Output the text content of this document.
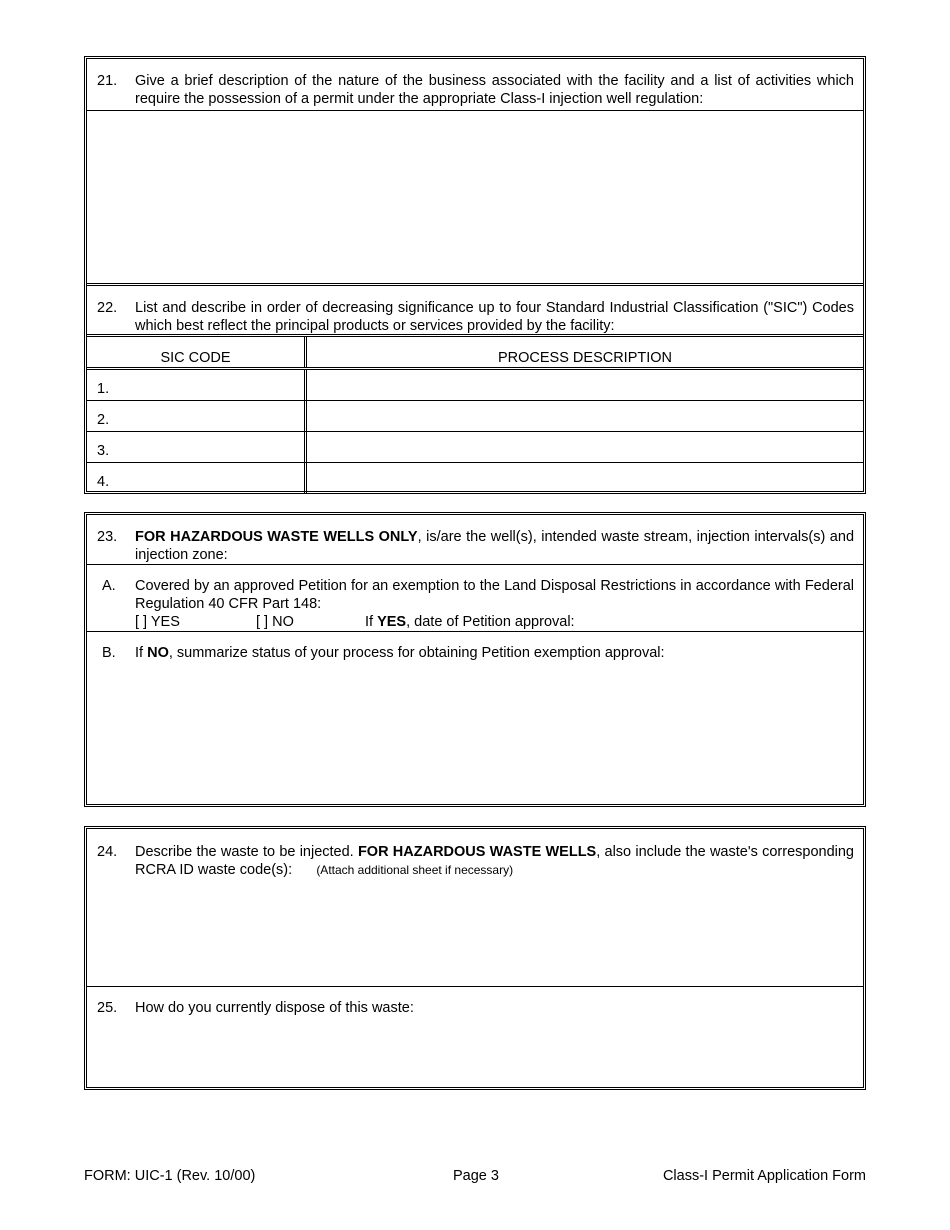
21. Give a brief description of the nature of the business associated with the facility and a list of activities which require the possession of a permit under the appropriate Class-I injection well regulation:
22. List and describe in order of decreasing significance up to four Standard Industrial Classification ("SIC") Codes which best reflect the principal products or services provided by the facility:
SIC CODE	PROCESS DESCRIPTION
1.
2.
3.
4.
23. FOR HAZARDOUS WASTE WELLS ONLY, is/are the well(s), intended waste stream, injection intervals(s) and injection zone:
A. Covered by an approved Petition for an exemption to the Land Disposal Restrictions in accordance with Federal Regulation 40 CFR Part 148:
[ ] YES	[ ] NO	If YES, date of Petition approval:
B. If NO, summarize status of your process for obtaining Petition exemption approval:
24. Describe the waste to be injected. FOR HAZARDOUS WASTE WELLS, also include the waste's corresponding RCRA ID waste code(s): (Attach additional sheet if necessary)
25. How do you currently dispose of this waste:
FORM: UIC-1 (Rev. 10/00)	Page 3	Class-I Permit Application Form
